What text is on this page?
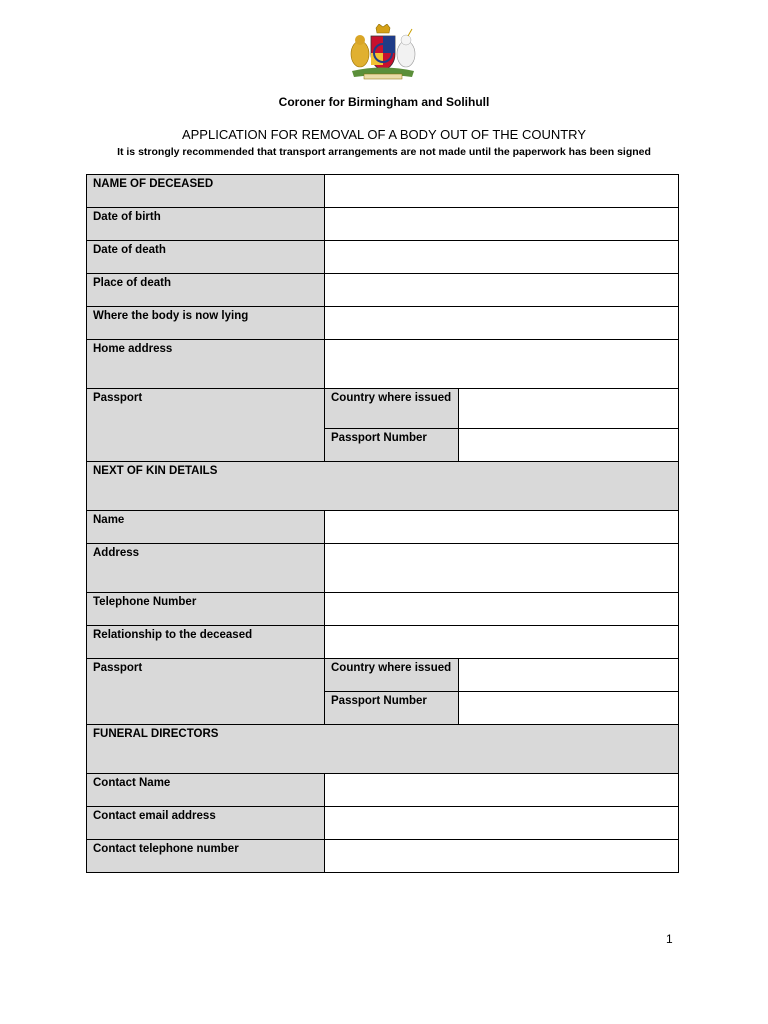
Coroner for Birmingham and Solihull
APPLICATION FOR REMOVAL OF A BODY OUT OF THE COUNTRY
It is strongly recommended that transport arrangements are not made until the paperwork has been signed
NAME OF DECEASED		
Date of birth		
Date of death		
Place of death		
Where the body is now lying		
Home address		
Passport	Country where issued	
	Passport Number	
NEXT OF KIN DETAILS		
Name		
Address		
Telephone Number		
Relationship to the deceased		
Passport	Country where issued	
	Passport Number	
FUNERAL DIRECTORS		
Contact Name		
Contact email address		
Contact telephone number		
1
